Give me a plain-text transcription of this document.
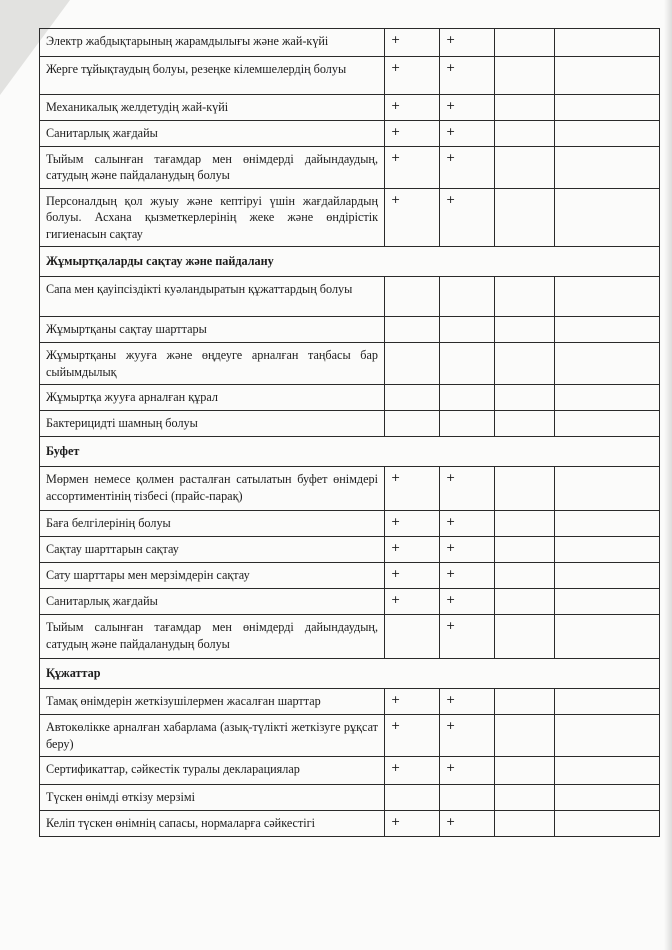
Электр жабдықтарының жарамдылығы және жай-күйі	+	+		
Жерге тұйықтаудың болуы, резеңке кілемшелердің болуы	+	+		
Механикалық желдетудің жай-күйі	+	+		
Санитарлық жағдайы	+	+		
Тыйым салынған тағамдар мен өнімдерді дайындаудың, сатудың және пайдаланудың болуы	+	+		
Персоналдың қол жуыу және кептіруі үшін жағдайлардың болуы. Асхана қызметкерлерінің жеке және өндірістік гигиенасын сақтау	+	+		
Жұмыртқаларды сақтау және пайдалану				
Сапа мен қауіпсіздікті куәландыратын құжаттардың болуы				
Жұмыртқаны сақтау шарттары				
Жұмыртқаны жууға және өңдеуге арналған таңбасы бар сыйымдылық				
Жұмыртқа жууға арналған құрал				
Бактерицидті шамның болуы				
Буфет				
Мөрмен немесе қолмен расталған сатылатын буфет өнімдері ассортиментінің тізбесі (прайс-парақ)	+	+		
Баға белгілерінің болуы	+	+		
Сақтау шарттарын сақтау	+	+		
Сату шарттары мен мерзімдерін сақтау	+	+		
Санитарлық жағдайы	+	+		
Тыйым салынған тағамдар мен өнімдерді дайындаудың, сатудың және пайдаланудың болуы		+		
Құжаттар				
Тамақ өнімдерін жеткізушілермен жасалған шарттар	+	+		
Автокөлікке арналған хабарлама (азық-түлікті жеткізуге рұқсат беру)	+	+		
Сертификаттар, сәйкестік туралы декларациялар	+	+		
Түскен өнімді өткізу мерзімі				
Келіп түскен өнімнің сапасы, нормаларға сәйкестігі	+	+		
